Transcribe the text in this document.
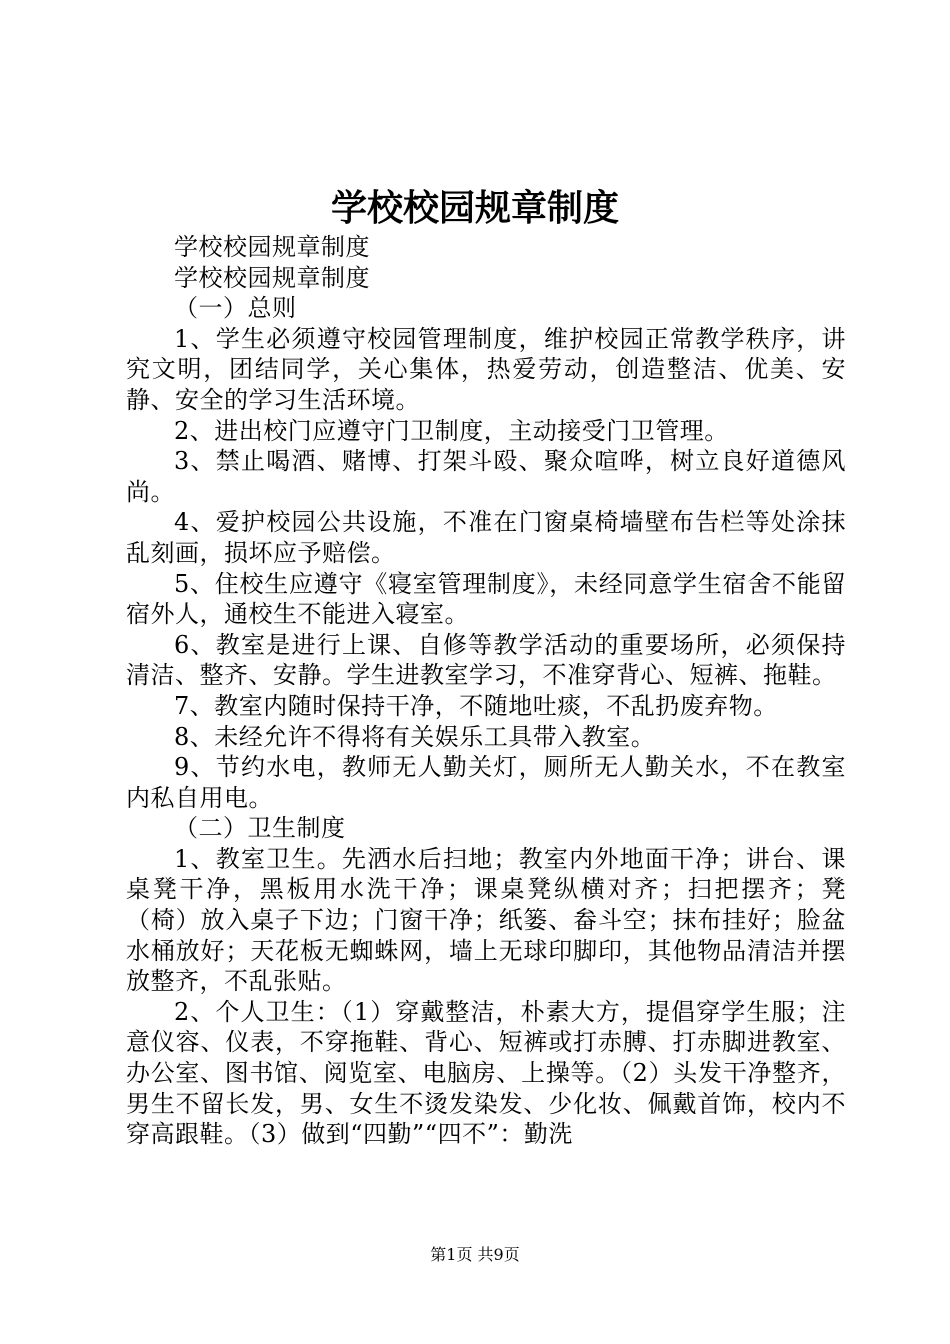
学校校园规章制度

学校校园规章制度

学校校园规章制度

（一）总则

1、学生必须遵守校园管理制度，维护校园正常教学秩序，讲究文明，团结同学，关心集体，热爱劳动，创造整洁、优美、安静、安全的学习生活环境。

2、进出校门应遵守门卫制度，主动接受门卫管理。

3、禁止喝酒、赌博、打架斗殴、聚众喧哗，树立良好道德风尚。

4、爱护校园公共设施，不准在门窗桌椅墙壁布告栏等处涂抹乱刻画，损坏应予赔偿。

5、住校生应遵守《寝室管理制度》，未经同意学生宿舍不能留宿外人，通校生不能进入寝室。

6、教室是进行上课、自修等教学活动的重要场所，必须保持清洁、整齐、安静。学生进教室学习，不准穿背心、短裤、拖鞋。

7、教室内随时保持干净，不随地吐痰，不乱扔废弃物。

8、未经允许不得将有关娱乐工具带入教室。

9、节约水电，教师无人勤关灯，厕所无人勤关水，不在教室内私自用电。

（二）卫生制度

1、教室卫生。先洒水后扫地；教室内外地面干净；讲台、课桌凳干净，黑板用水洗干净；课桌凳纵横对齐；扫把摆齐；凳（椅）放入桌子下边；门窗干净；纸篓、畚斗空；抹布挂好；脸盆水桶放好；天花板无蜘蛛网，墙上无球印脚印，其他物品清洁并摆放整齐，不乱张贴。

2、个人卫生：（1）穿戴整洁，朴素大方，提倡穿学生服；注意仪容、仪表，不穿拖鞋、背心、短裤或打赤膊、打赤脚进教室、办公室、图书馆、阅览室、电脑房、上操等。（2）头发干净整齐，男生不留长发，男、女生不烫发染发、少化妆、佩戴首饰，校内不穿高跟鞋。（3）做到“四勤”“四不”：勤洗

第1页 共9页
